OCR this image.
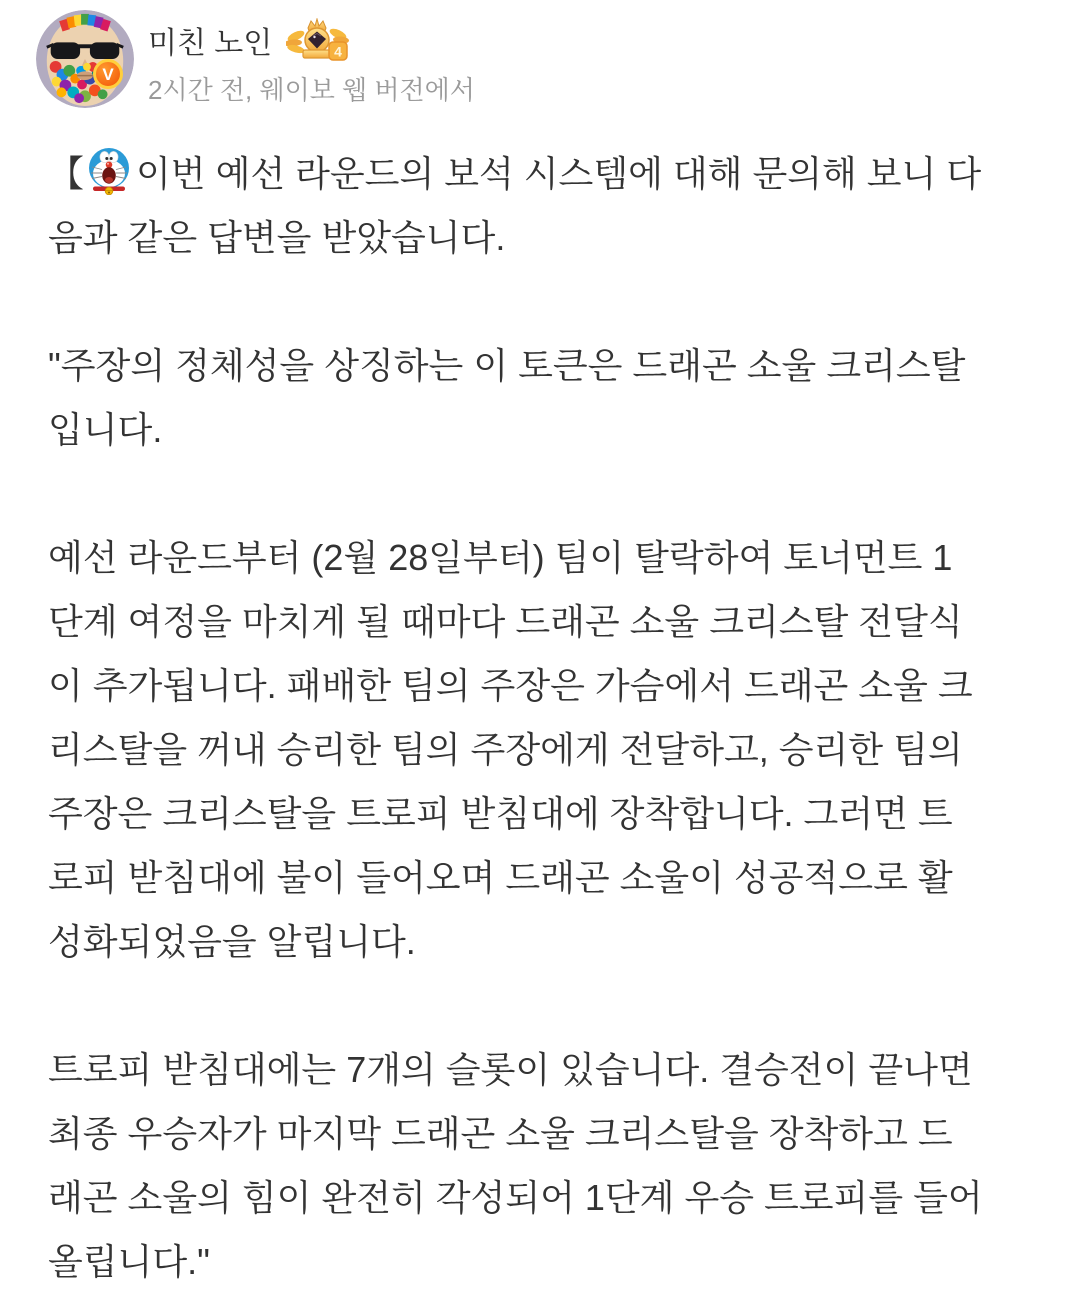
V
미친 노인	4
2시간 전, 웨이보 웹 버전에서

【 이번 예선 라운드의 보석 시스템에 대해 문의해 보니 다
음과 같은 답변을 받았습니다.

"주장의 정체성을 상징하는 이 토큰은 드래곤 소울 크리스탈
입니다.

예선 라운드부터 (2월 28일부터) 팀이 탈락하여 토너먼트 1
단계 여정을 마치게 될 때마다 드래곤 소울 크리스탈 전달식
이 추가됩니다. 패배한 팀의 주장은 가슴에서 드래곤 소울 크
리스탈을 꺼내 승리한 팀의 주장에게 전달하고, 승리한 팀의
주장은 크리스탈을 트로피 받침대에 장착합니다. 그러면 트
로피 받침대에 불이 들어오며 드래곤 소울이 성공적으로 활
성화되었음을 알립니다.

트로피 받침대에는 7개의 슬롯이 있습니다. 결승전이 끝나면
최종 우승자가 마지막 드래곤 소울 크리스탈을 장착하고 드
래곤 소울의 힘이 완전히 각성되어 1단계 우승 트로피를 들어
올립니다."
